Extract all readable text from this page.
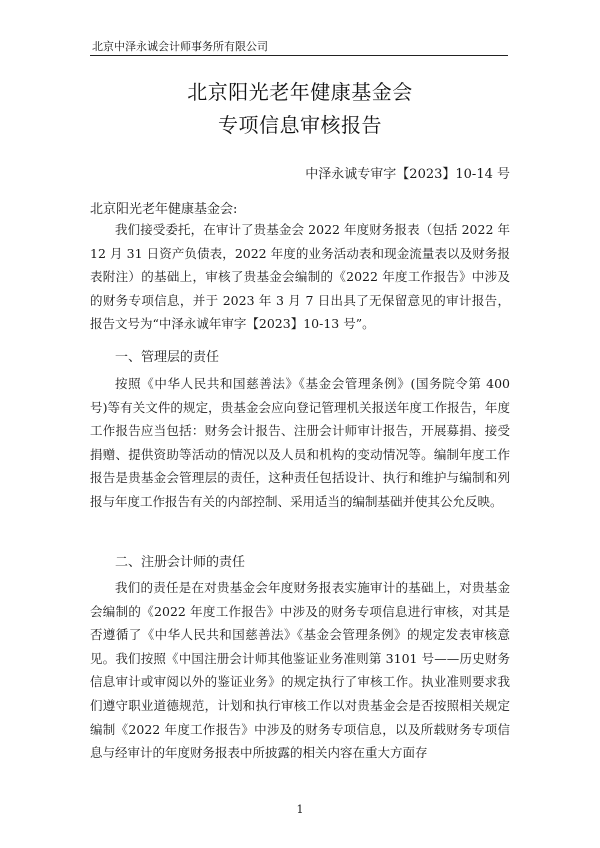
北京中泽永诚会计师事务所有限公司
北京阳光老年健康基金会
专项信息审核报告
中泽永诚专审字【2023】10-14 号
北京阳光老年健康基金会:
我们接受委托，在审计了贵基金会 2022 年度财务报表（包括 2022 年 12 月 31 日资产负债表，2022 年度的业务活动表和现金流量表以及财务报表附注）的基础上，审核了贵基金会编制的《2022 年度工作报告》中涉及的财务专项信息，并于 2023 年 3 月 7 日出具了无保留意见的审计报告，报告文号为“中泽永诚年审字【2023】10-13 号”。
一、管理层的责任
按照《中华人民共和国慈善法》《基金会管理条例》(国务院令第 400 号)等有关文件的规定，贵基金会应向登记管理机关报送年度工作报告，年度工作报告应当包括：财务会计报告、注册会计师审计报告，开展募捐、接受捐赠、提供资助等活动的情况以及人员和机构的变动情况等。编制年度工作报告是贵基金会管理层的责任，这种责任包括设计、执行和维护与编制和列报与年度工作报告有关的内部控制、采用适当的编制基础并使其公允反映。
二、注册会计师的责任
我们的责任是在对贵基金会年度财务报表实施审计的基础上，对贵基金会编制的《2022 年度工作报告》中涉及的财务专项信息进行审核，对其是否遵循了《中华人民共和国慈善法》《基金会管理条例》的规定发表审核意见。我们按照《中国注册会计师其他鉴证业务准则第 3101 号——历史财务信息审计或审阅以外的鉴证业务》的规定执行了审核工作。执业准则要求我们遵守职业道德规范，计划和执行审核工作以对贵基金会是否按照相关规定编制《2022 年度工作报告》中涉及的财务专项信息，以及所载财务专项信息与经审计的年度财务报表中所披露的相关内容在重大方面存
1
